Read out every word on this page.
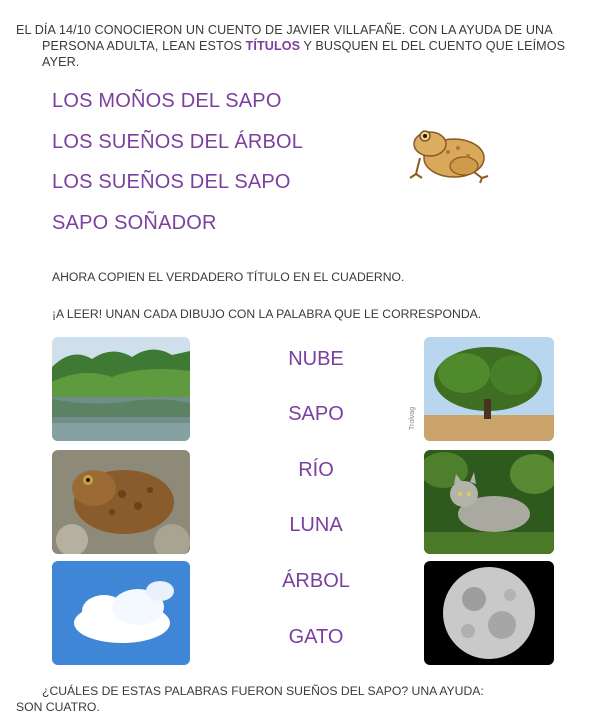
EL DÍA 14/10 CONOCIERON UN CUENTO DE JAVIER VILLAFAÑE. CON LA AYUDA DE UNA
PERSONA ADULTA, LEAN ESTOS TÍTULOS Y BUSQUEN EL DEL CUENTO QUE LEÍMOS
AYER.
LOS MOÑOS DEL SAPO
LOS SUEÑOS DEL ÁRBOL
LOS SUEÑOS DEL SAPO
SAPO SOÑADOR
AHORA COPIEN EL VERDADERO TÍTULO EN EL CUADERNO.
¡A LEER! UNAN CADA DIBUJO CON LA PALABRA QUE LE CORRESPONDA.
NUBE
SAPO
RÍO
LUNA
ÁRBOL
GATO
Trolvag
¿CUÁLES DE ESTAS PALABRAS FUERON SUEÑOS DEL SAPO? UNA AYUDA:
SON CUATRO.
